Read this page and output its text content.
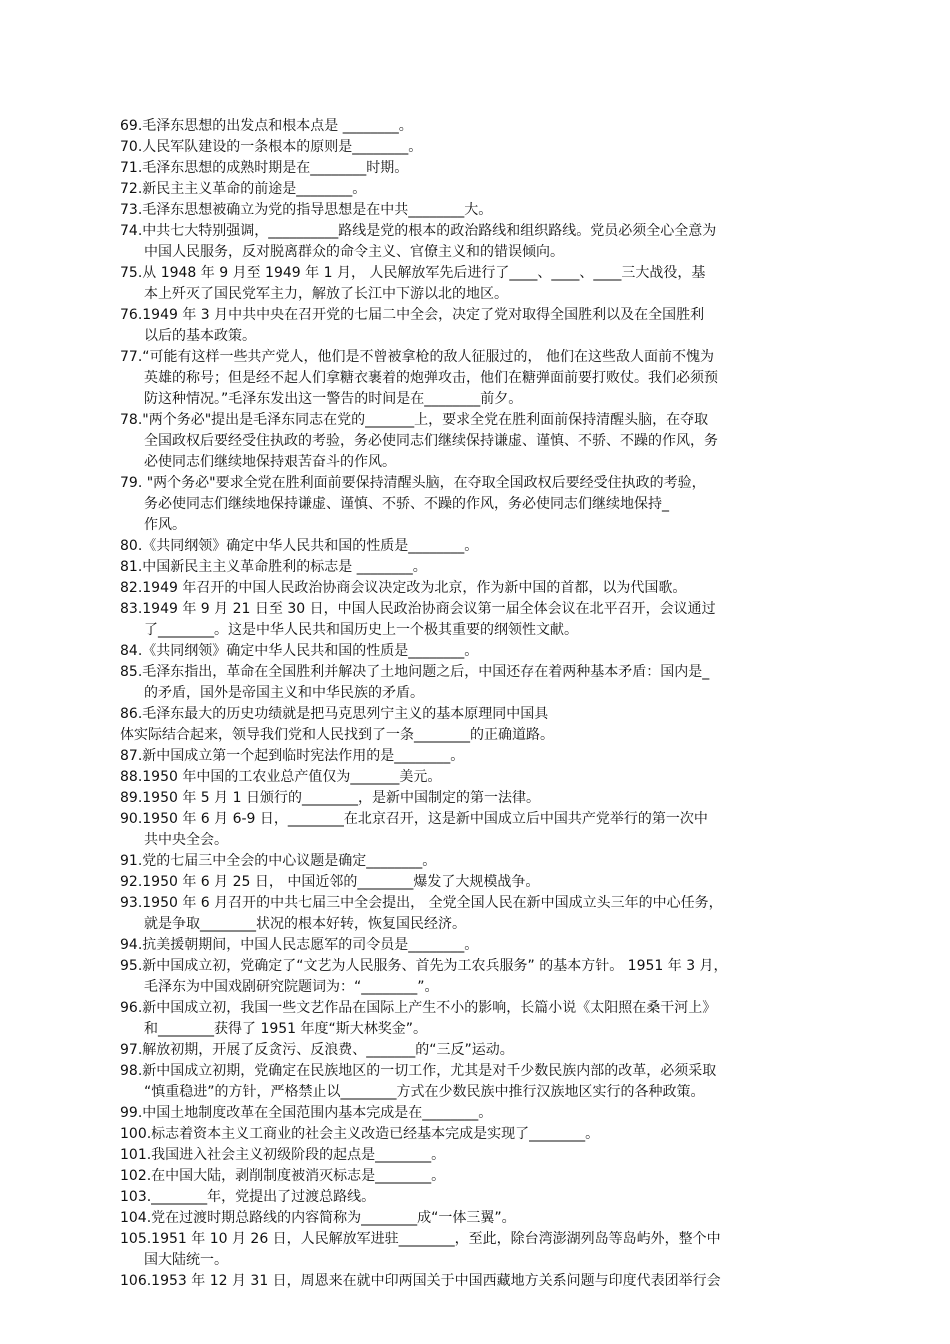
69.毛泽东思想的出发点和根本点是 ________。
70.人民军队建设的一条根本的原则是________。
71.毛泽东思想的成熟时期是在________时期。
72.新民主主义革命的前途是________。
73.毛泽东思想被确立为党的指导思想是在中共________大。
74.中共七大特别强调，__________路线是党的根本的政治路线和组织路线。党员必须全心全意为
中国人民服务，反对脱离群众的命令主义、官僚主义和的错误倾向。
75.从 1948 年 9 月至 1949 年 1 月， 人民解放军先后进行了____、____、____三大战役，基
本上歼灭了国民党军主力，解放了长江中下游以北的地区。
76.1949 年 3 月中共中央在召开党的七届二中全会，决定了党对取得全国胜利以及在全国胜利
以后的基本政策。
77.“可能有这样一些共产党人，他们是不曾被拿枪的敌人征服过的， 他们在这些敌人面前不愧为
英雄的称号；但是经不起人们拿糖衣裹着的炮弹攻击，他们在糖弹面前要打败仗。我们必须预
防这种情况。”毛泽东发出这一警告的时间是在________前夕。
78."两个务必"提出是毛泽东同志在党的_______上，要求全党在胜利面前保持清醒头脑，在夺取
全国政权后要经受住执政的考验，务必使同志们继续保持谦虚、谨慎、不骄、不躁的作风，务
必使同志们继续地保持艰苦奋斗的作风。
79. "两个务必"要求全党在胜利面前要保持清醒头脑，在夺取全国政权后要经受住执政的考验，
务必使同志们继续地保持谦虚、谨慎、不骄、不躁的作风，务必使同志们继续地保持_
作风。
80.《共同纲领》确定中华人民共和国的性质是________。
81.中国新民主主义革命胜利的标志是 ________。
82.1949 年召开的中国人民政治协商会议决定改为北京，作为新中国的首都，以为代国歌。
83.1949 年 9 月 21 日至 30 日，中国人民政治协商会议第一届全体会议在北平召开，会议通过
了________。这是中华人民共和国历史上一个极其重要的纲领性文献。
84.《共同纲领》确定中华人民共和国的性质是________。
85.毛泽东指出，革命在全国胜利并解决了土地问题之后，中国还存在着两种基本矛盾：国内是_
的矛盾，国外是帝国主义和中华民族的矛盾。
86.毛泽东最大的历史功绩就是把马克思列宁主义的基本原理同中国具
体实际结合起来，领导我们党和人民找到了一条________的正确道路。
87.新中国成立第一个起到临时宪法作用的是________。
88.1950 年中国的工农业总产值仅为_______美元。
89.1950 年 5 月 1 日颁行的________，是新中国制定的第一法律。
90.1950 年 6 月 6-9 日，________在北京召开，这是新中国成立后中国共产党举行的第一次中
共中央全会。
91.党的七届三中全会的中心议题是确定________。
92.1950 年 6 月 25 日， 中国近邻的________爆发了大规模战争。
93.1950 年 6 月召开的中共七届三中全会提出， 全党全国人民在新中国成立头三年的中心任务，
就是争取________状况的根本好转，恢复国民经济。
94.抗美援朝期间，中国人民志愿军的司令员是________。
95.新中国成立初，党确定了“文艺为人民服务、首先为工农兵服务” 的基本方针。 1951 年 3 月，
毛泽东为中国戏剧研究院题词为：“________”。
96.新中国成立初，我国一些文艺作品在国际上产生不小的影响，长篇小说《太阳照在桑干河上》
和________获得了 1951 年度“斯大林奖金”。
97.解放初期，开展了反贪污、反浪费、_______的“三反”运动。
98.新中国成立初期，党确定在民族地区的一切工作，尤其是对千少数民族内部的改革，必须采取
“慎重稳进”的方针，严格禁止以________方式在少数民族中推行汉族地区实行的各种政策。
99.中国土地制度改革在全国范围内基本完成是在________。
100.标志着资本主义工商业的社会主义改造已经基本完成是实现了________。
101.我国进入社会主义初级阶段的起点是________。
102.在中国大陆，剥削制度被消灭标志是________。
103.________年，党提出了过渡总路线。
104.党在过渡时期总路线的内容简称为________成“一体三翼”。
105.1951 年 10 月 26 日，人民解放军进驻________，至此，除台湾澎湖列岛等岛屿外，整个中
国大陆统一。
106.1953 年 12 月 31 日，周恩来在就中印两国关于中国西藏地方关系问题与印度代表团举行会
